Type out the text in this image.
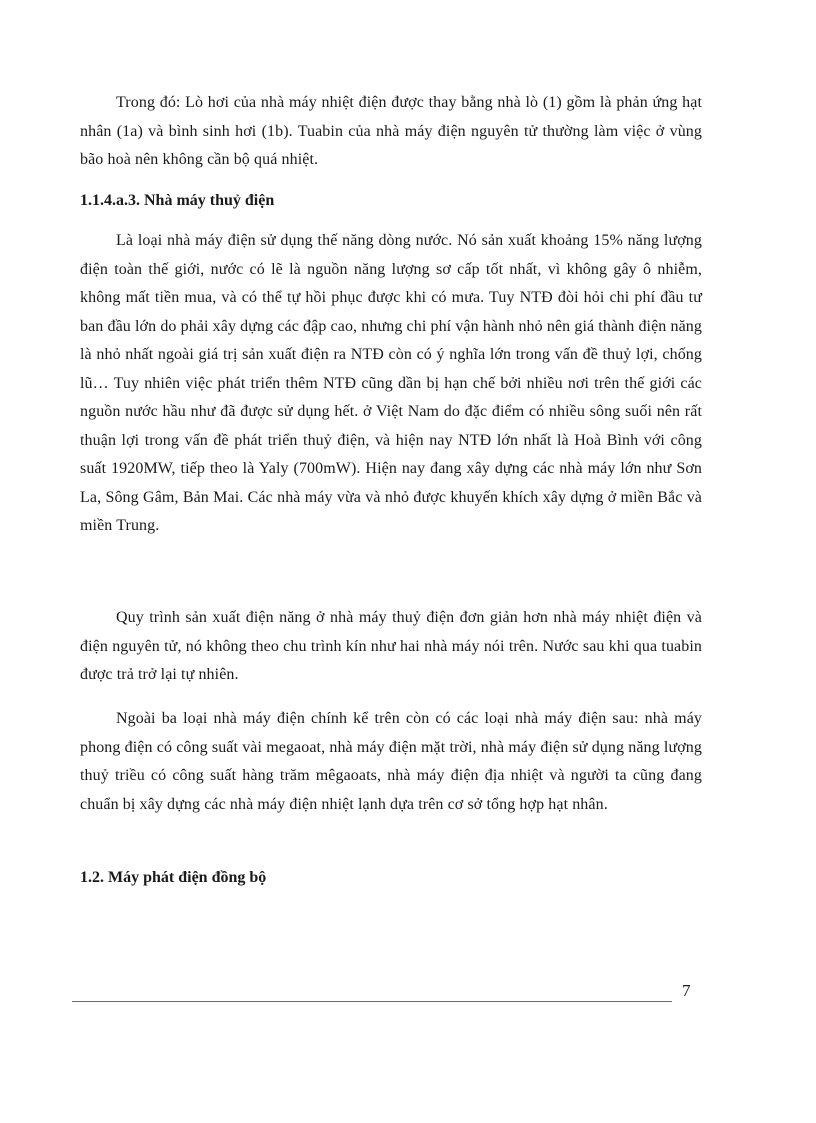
Trong đó: Lò hơi của nhà máy nhiệt điện được thay bằng nhà lò (1) gồm là phản ứng hạt nhân (1a) và bình sinh hơi (1b). Tuabin của nhà máy điện nguyên tử thường làm việc ở vùng bão hoà nên không cần bộ quá nhiệt.

1.1.4.a.3. Nhà máy thuỷ điện

Là loại nhà máy điện sử dụng thế năng dòng nước. Nó sản xuất khoảng 15% năng lượng điện toàn thế giới, nước có lẽ là nguồn năng lượng sơ cấp tốt nhất, vì không gây ô nhiễm, không mất tiền mua, và có thể tự hồi phục được khi có mưa. Tuy NTĐ đòi hỏi chi phí đầu tư ban đầu lớn do phải xây dựng các đập cao, nhưng chi phí vận hành nhỏ nên giá thành điện năng là nhỏ nhất ngoài giá trị sản xuất điện ra NTĐ còn có ý nghĩa lớn trong vấn đề thuỷ lợi, chống lũ… Tuy nhiên việc phát triển thêm NTĐ cũng dần bị hạn chế bởi nhiều nơi trên thế giới các nguồn nước hầu như đã được sử dụng hết. ở Việt Nam do đặc điểm có nhiều sông suối nên rất thuận lợi trong vấn đề phát triển thuỷ điện, và hiện nay NTĐ lớn nhất là Hoà Bình với công suất 1920MW, tiếp theo là Yaly (700mW). Hiện nay đang xây dựng các nhà máy lớn như Sơn La, Sông Gâm, Bản Mai. Các nhà máy vừa và nhỏ được khuyến khích xây dựng ở miền Bắc và miền Trung.

Quy trình sản xuất điện năng ở nhà máy thuỷ điện đơn giản hơn nhà máy nhiệt điện và điện nguyên tử, nó không theo chu trình kín như hai nhà máy nói trên. Nước sau khi qua tuabin được trả trở lại tự nhiên.

Ngoài ba loại nhà máy điện chính kể trên còn có các loại nhà máy điện sau: nhà máy phong điện có công suất vài megaoat, nhà máy điện mặt trời, nhà máy điện sử dụng năng lượng thuỷ triều có công suất hàng trăm mêgaoats, nhà máy điện địa nhiệt và người ta cũng đang chuẩn bị xây dựng các nhà máy điện nhiệt lạnh dựa trên cơ sở tổng hợp hạt nhân.

1.2. Máy phát điện đồng bộ
7
